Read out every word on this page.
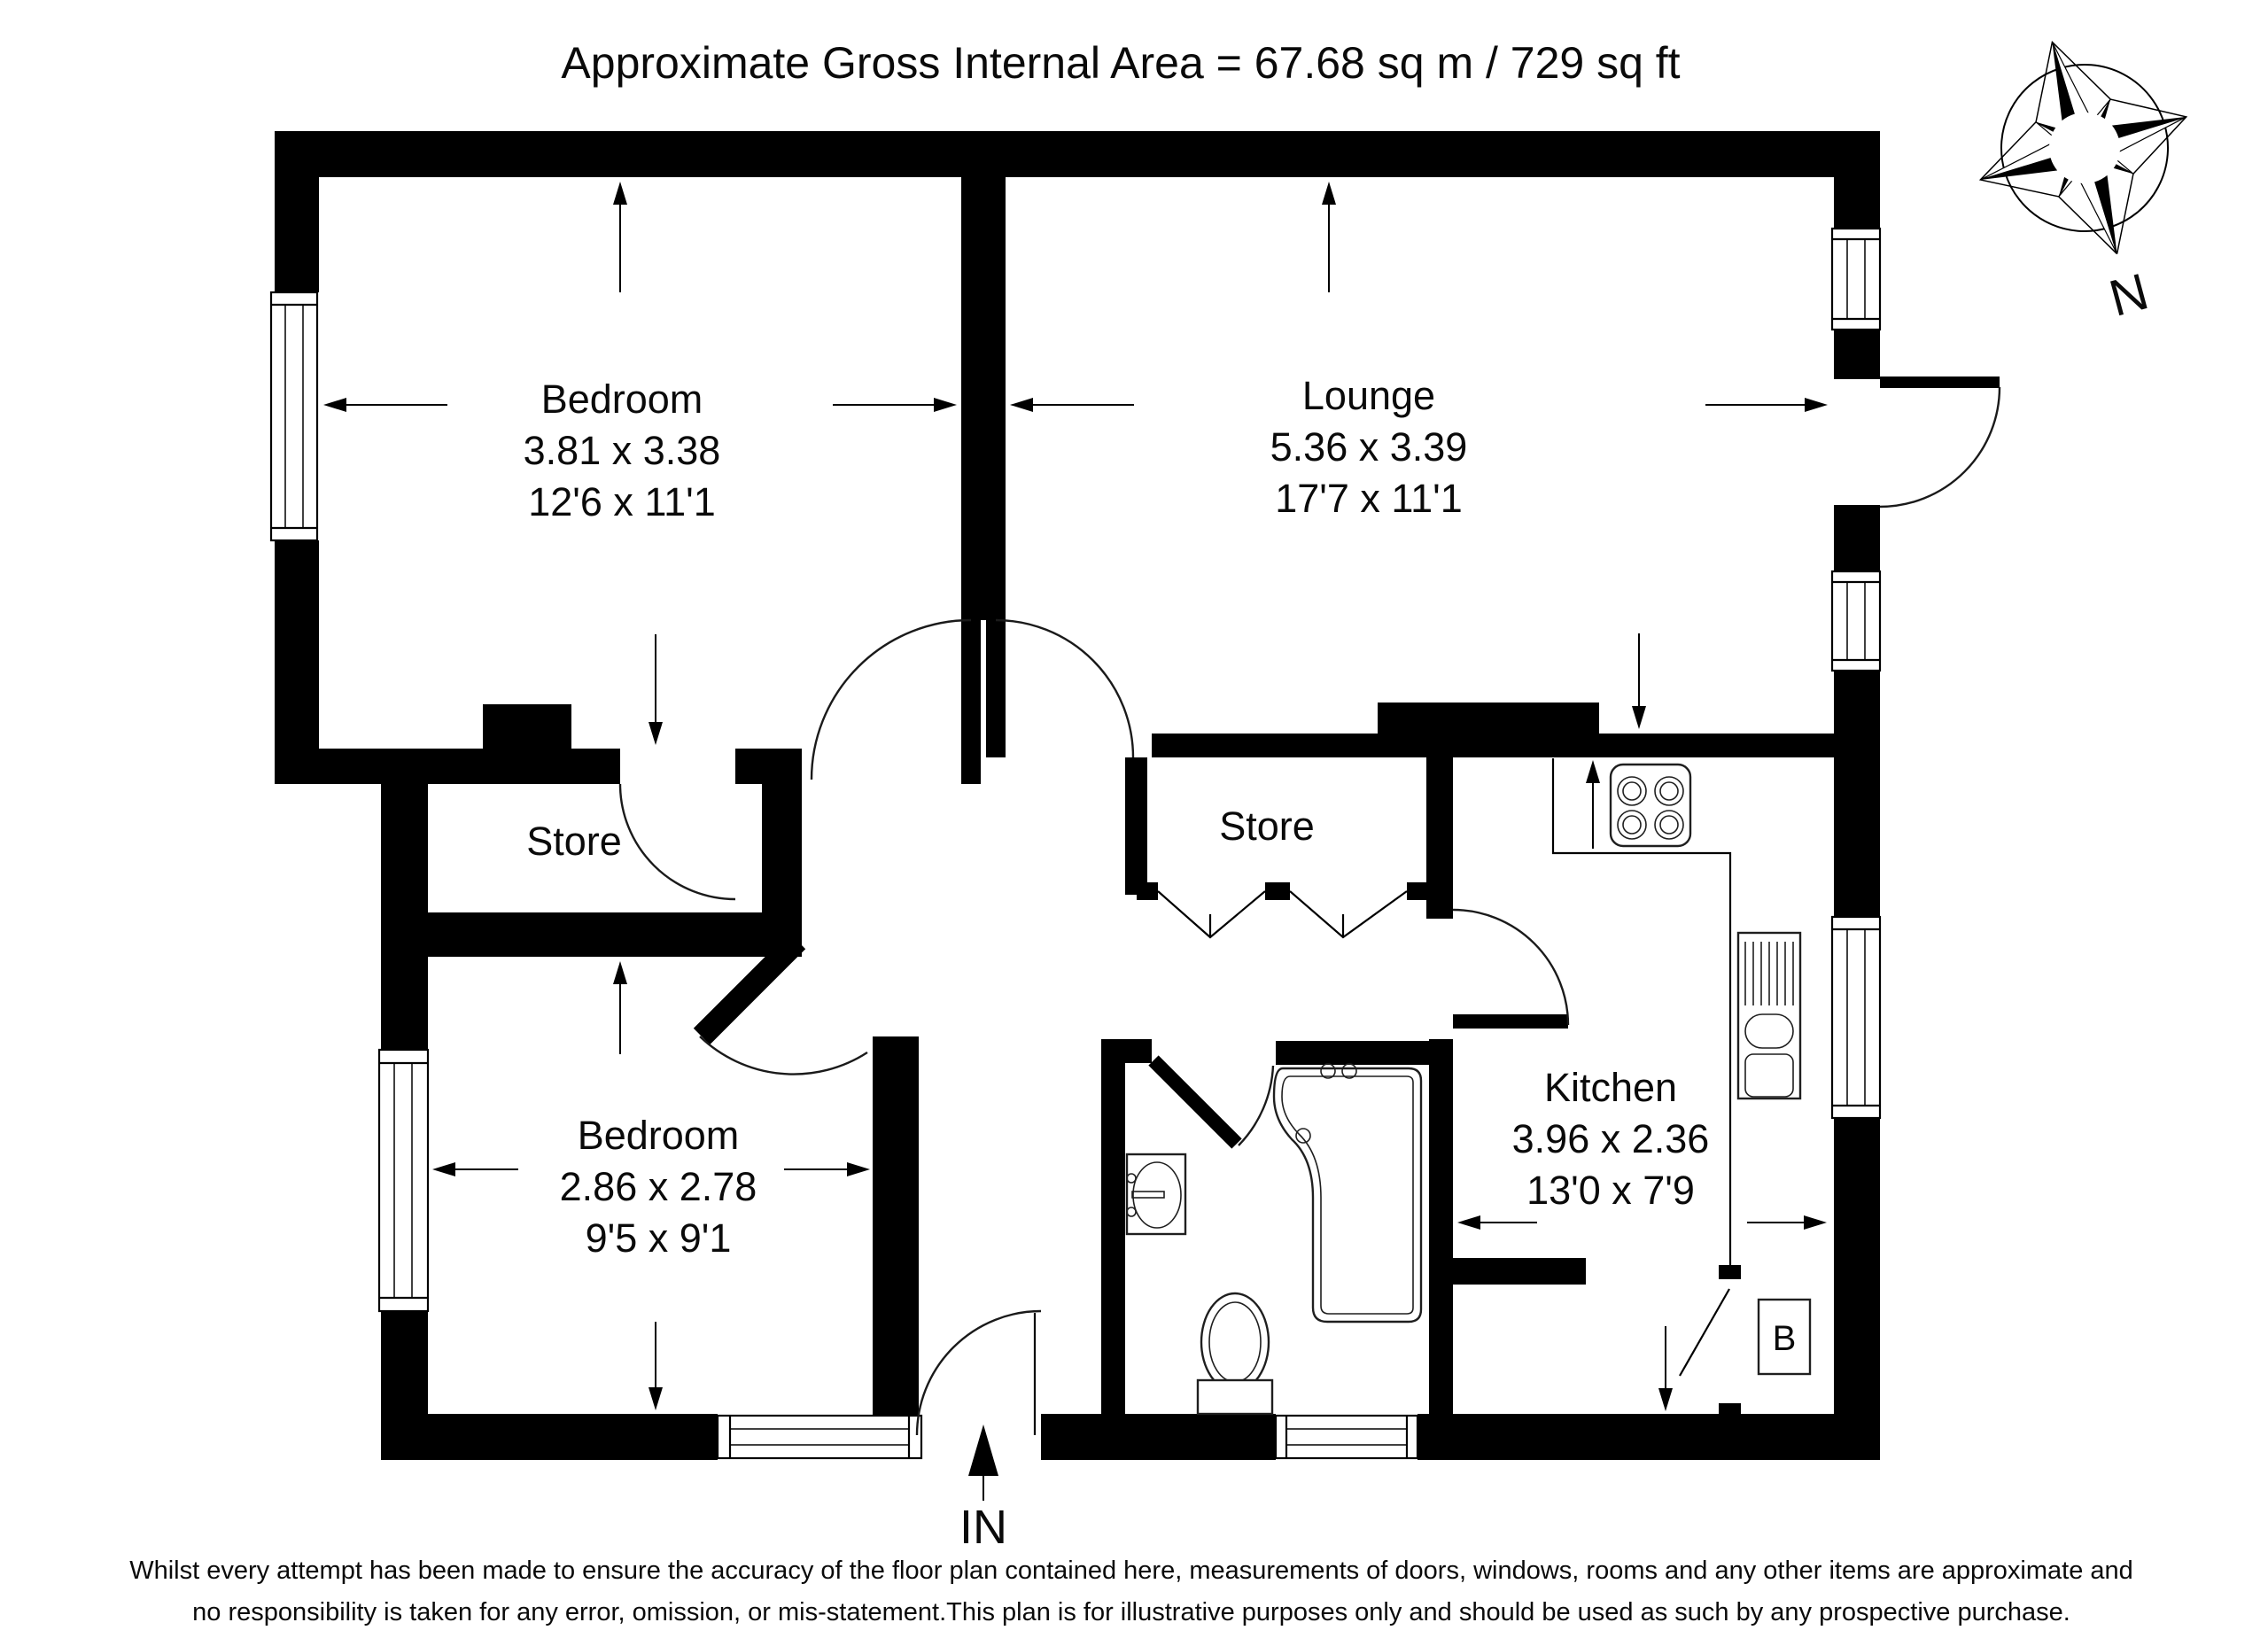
Approximate Gross Internal Area = 67.68 sq m / 729 sq ft
B
IN
N
Bedroom
3.81 x 3.38
12'6 x 11'1
Lounge
5.36 x 3.39
17'7 x 11'1
Store	Store
Bedroom
2.86 x 2.78
9'5 x 9'1
Kitchen
3.96 x 2.36
13'0 x 7'9
Whilst every attempt has been made to ensure the accuracy of the floor plan contained here, measurements of doors, windows, rooms and any other items are approximate and
no responsibility is taken for any error, omission, or mis-statement.This plan is for illustrative purposes only and should be used as such by any prospective purchase.
